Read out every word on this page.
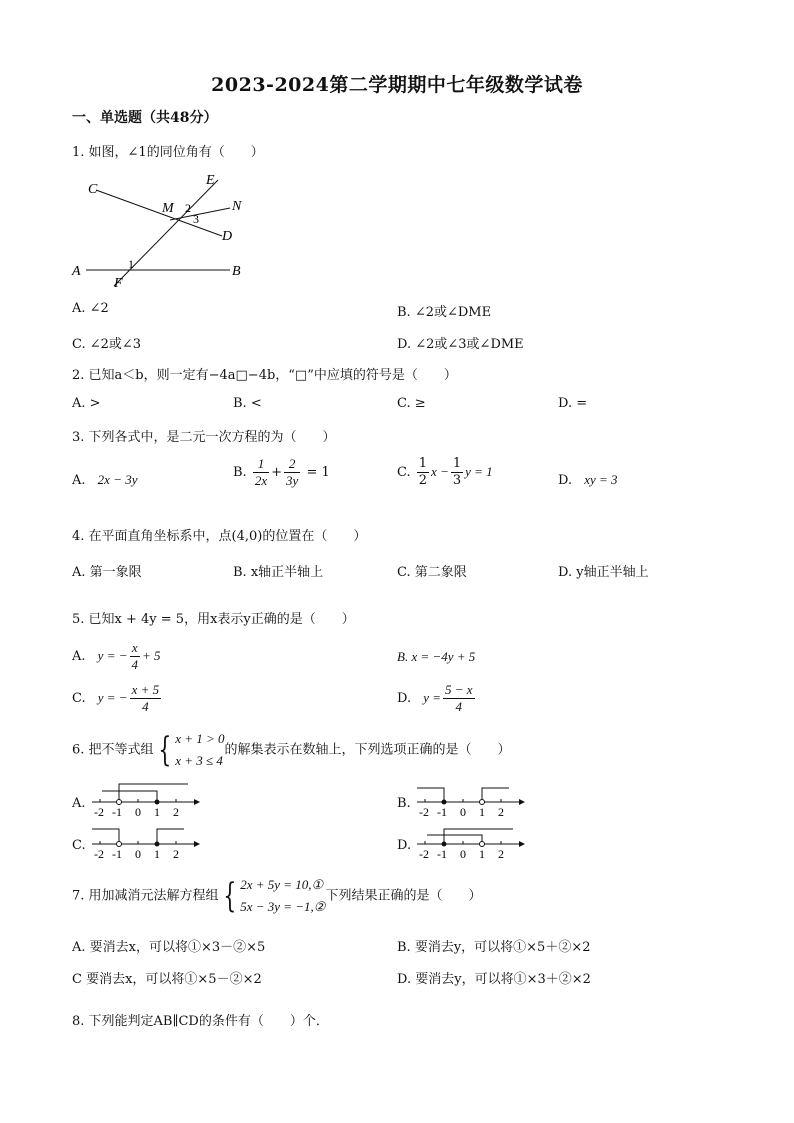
2023-2024第二学期期中七年级数学试卷
一、单选题（共48分）
1. 如图，∠1的同位角有（　　）
C
E
M 2	N
3
D
A	1	B
F
A. ∠2	B. ∠2或∠DME
C. ∠2或∠3	D. ∠2或∠3或∠DME
2. 已知a＜b，则一定有−4a□−4b，“□”中应填的符号是（　　）
A. >	B. <	C. ≥	D. =
3. 下列各式中，是二元一次方程的为（　　）
A. 2x − 3y	B. $\frac{1}{2x} + \frac{2}{3y} = 1$	C. $\frac{1}{2}$ $x - \frac{1}{3}$ y = 1
D. xy = 3
4. 在平面直角坐标系中，点(4,0)的位置在（　　）
A. 第一象限	B. x轴正半轴上	C. 第二象限	D. y轴正半轴上
5. 已知x + 4y = 5，用x表示y正确的是（　　）
A. y = − $\frac{x}{4} + 5$	B. x = −4y + 5
C. y = − $\frac{x + 5}{4}$	D. $y = \frac{5 - x}{4}$
6. 把不等式组 { x + 1 > 0
x + 3 ≤ 4
的解集表示在数轴上，下列选项正确的是（　　）
A.
-2 -1 0 1 2
B.
-2 -1 0 1 2
C.
-2 -1 0 1 2
D.
-2 -1 0 1 2
7. 用加减消元法解方程组 { 2x + 5y = 10,①
5x − 3y = −1,②
下列结果正确的是（　　）
A. 要消去x，可以将①×3－②×5	B. 要消去y，可以将①×5＋②×2
C 要消去x，可以将①×5－②×2	D. 要消去y，可以将①×3＋②×2
8. 下列能判定AB∥CD的条件有（　　）个．
